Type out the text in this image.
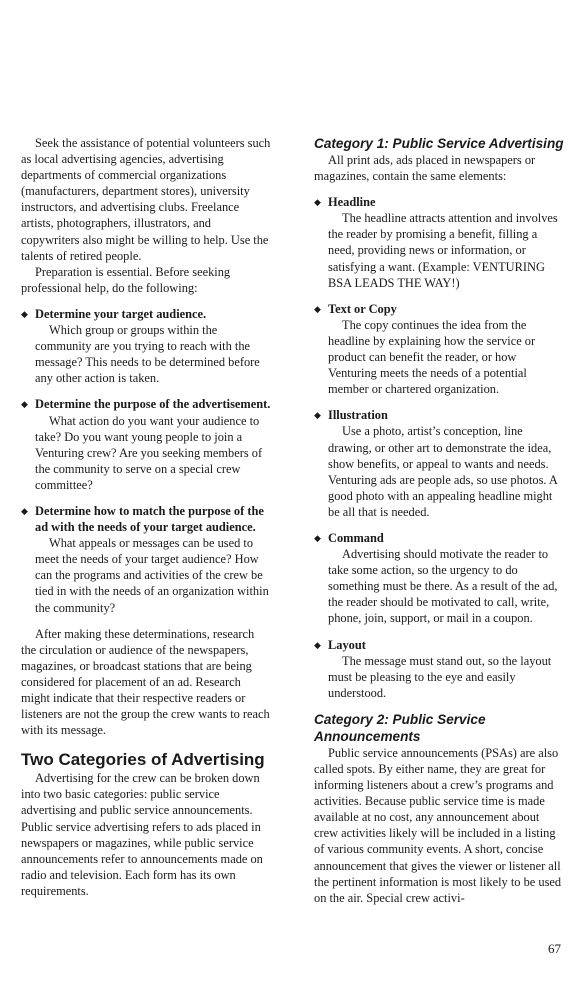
Seek the assistance of potential volunteers such as local advertising agencies, advertising departments of commercial organizations (manufacturers, department stores), university instructors, and advertising clubs. Freelance artists, photographers, illustrators, and copywriters also might be willing to help. Use the talents of retired people.

Preparation is essential. Before seeking professional help, do the following:

◆ Determine your target audience.
Which group or groups within the community are you trying to reach with the message? This needs to be determined before any other action is taken.
◆ Determine the purpose of the advertisement.
What action do you want your audience to take? Do you want young people to join a Venturing crew? Are you seeking members of the community to serve on a special crew committee?
◆ Determine how to match the purpose of the ad with the needs of your target audience.
What appeals or messages can be used to meet the needs of your target audience? How can the programs and activities of the crew be tied in with the needs of an organization within the community?

After making these determinations, research the circulation or audience of the newspapers, magazines, or broadcast stations that are being considered for placement of an ad. Research might indicate that their respective readers or listeners are not the group the crew wants to reach with its message.

Two Categories of Advertising

Advertising for the crew can be broken down into two basic categories: public service advertising and public service announcements. Public service advertising refers to ads placed in newspapers or magazines, while public service announcements refer to announcements made on radio and television. Each form has its own requirements.

Category 1: Public Service Advertising

All print ads, ads placed in newspapers or magazines, contain the same elements:

◆ Headline
The headline attracts attention and involves the reader by promising a benefit, filling a need, providing news or information, or satisfying a want. (Example: VENTURING BSA LEADS THE WAY!)
◆ Text or Copy
The copy continues the idea from the headline by explaining how the service or product can benefit the reader, or how Venturing meets the needs of a potential member or chartered organization.
◆ Illustration
Use a photo, artist’s conception, line drawing, or other art to demonstrate the idea, show benefits, or appeal to wants and needs. Venturing ads are people ads, so use photos. A good photo with an appealing headline might be all that is needed.
◆ Command
Advertising should motivate the reader to take some action, so the urgency to do something must be there. As a result of the ad, the reader should be motivated to call, write, phone, join, support, or mail in a coupon.
◆ Layout
The message must stand out, so the layout must be pleasing to the eye and easily understood.
Category 2: Public Service Announcements

Public service announcements (PSAs) are also called spots. By either name, they are great for informing listeners about a crew’s programs and activities. Because public service time is made available at no cost, any announcement about crew activities likely will be included in a listing of various community events. A short, concise announcement that gives the viewer or listener all the pertinent information is most likely to be used on the air. Special crew activi-

67
